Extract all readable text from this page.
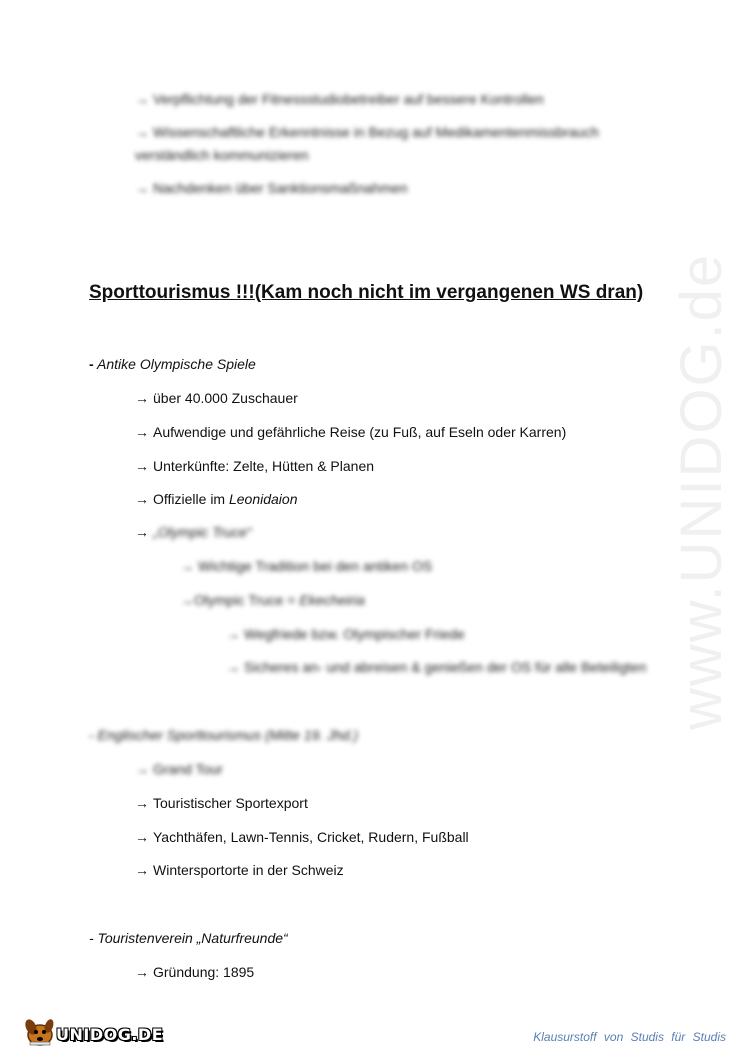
www.UNIDOG.de
→ Verpflichtung der Fitnessstudiobetreiber auf bessere Kontrollen
→ Wissenschaftliche Erkenntnisse in Bezug auf Medikamentenmissbrauch
verständlich kommunizieren
→ Nachdenken über Sanktionsmaßnahmen
Sporttourismus !!!(Kam noch nicht im vergangenen WS dran)
- Antike Olympische Spiele
→ über 40.000 Zuschauer
→ Aufwendige und gefährliche Reise (zu Fuß, auf Eseln oder Karren)
→ Unterkünfte: Zelte, Hütten & Planen
→ Offizielle im Leonidaion
→ „Olympic Truce“
→ Wichtige Tradition bei den antiken OS
→Olympic Truce = Ekecheiria
→ Wegfriede bzw. Olympischer Friede
→ Sicheres an- und abreisen & genießen der OS für alle Beteiligten
- Englischer Sporttourismus (Mitte 19. Jhd.)
→ Grand Tour
→ Touristischer Sportexport
→ Yachthäfen, Lawn-Tennis, Cricket, Rudern, Fußball
→ Wintersportorte in der Schweiz
- Touristenverein „Naturfreunde“
→ Gründung: 1895
UNIDOG.DE	Klausurstoff von Studis für Studis
